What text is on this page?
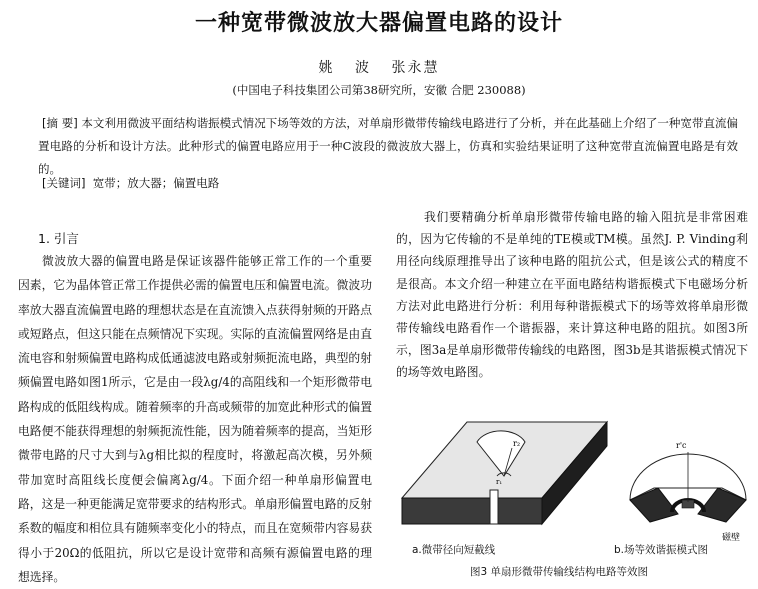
一种宽带微波放大器偏置电路的设计
姚 波 张永慧
(中国电子科技集团公司第38研究所，安徽 合肥 230088)

[摘 要] 本文利用微波平面结构谐振模式情况下场等效的方法，对单扇形微带传输线电路进行了分析，并在此基础上介绍了一种宽带直流偏置电路的分析和设计方法。此种形式的偏置电路应用于一种C波段的微波放大器上，仿真和实验结果证明了这种宽带直流偏置电路是有效的。

[关键词] 宽带；放大器；偏置电路
1. 引言

微波放大器的偏置电路是保证该器件能够正常工作的一个重要因素，它为晶体管正常工作提供必需的偏置电压和偏置电流。微波功率放大器直流偏置电路的理想状态是在直流馈入点获得射频的开路点或短路点，但这只能在点频情况下实现。实际的直流偏置网络是由直流电容和射频偏置电路构成低通滤波电路或射频扼流电路，典型的射频偏置电路如图1所示，它是由一段λg/4的高阻线和一个矩形微带电路构成的低阻线构成。随着频率的升高或频带的加宽此种形式的偏置电路便不能获得理想的射频扼流性能，因为随着频率的提高，当矩形微带电路的尺寸大到与λg相比拟的程度时，将激起高次模，另外频带加宽时高阻线长度便会偏离λg/4。下面介绍一种单扇形偏置电路，这是一种更能满足宽带要求的结构形式。单扇形偏置电路的反射系数的幅度和相位具有随频率变化小的特点，而且在宽频带内容易获得小于20Ω的低阻抗，所以它是设计宽带和高频有源偏置电路的理想选择。

我们要精确分析单扇形微带传输电路的输入阻抗是非常困难的，因为它传输的不是单纯的TE模或TM模。虽然J. P. Vinding利用径向线原理推导出了该种电路的阻抗公式，但是该公式的精度不是很高。本文介绍一种建立在平面电路结构谐振模式下电磁场分析方法对此电路进行分析：利用每种谐振模式下的场等效将单扇形微带传输线电路看作一个谐振器，来计算这种电路的阻抗。如图3所示，图3a是单扇形微带传输线的电路图，图3b是其谐振模式情况下的场等效电路图。

r₂
r₁
r'c
磁壁
a.微带径向短截线	b.场等效谐振模式图
图3 单扇形微带传输线结构电路等效图
